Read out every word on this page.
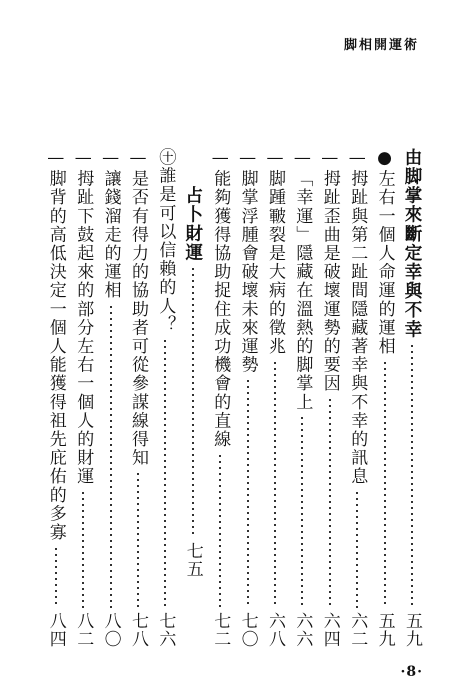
脚相開運術
由脚掌來斷定幸與不幸
五九
●左右一個人命運的運相
五九
—拇趾與第二趾間隱藏著幸與不幸的訊息
六二
—拇趾歪曲是破壞運勢的要因
六四
—「幸運」隱藏在溫熱的脚掌上
六六
—脚踵皸裂是大病的徵兆
六八
—脚掌浮腫會破壞未來運勢
七〇
—能夠獲得協助捉住成功機會的直線
七二
占卜財運
七五
㊉誰是可以信賴的人？
七六
—是否有得力的協助者可從參謀線得知
七八
—讓錢溜走的運相
八〇
—拇趾下鼓起來的部分左右一個人的財運
八二
—脚背的高低決定一個人能獲得祖先庇佑的多寡
八四
·8·
